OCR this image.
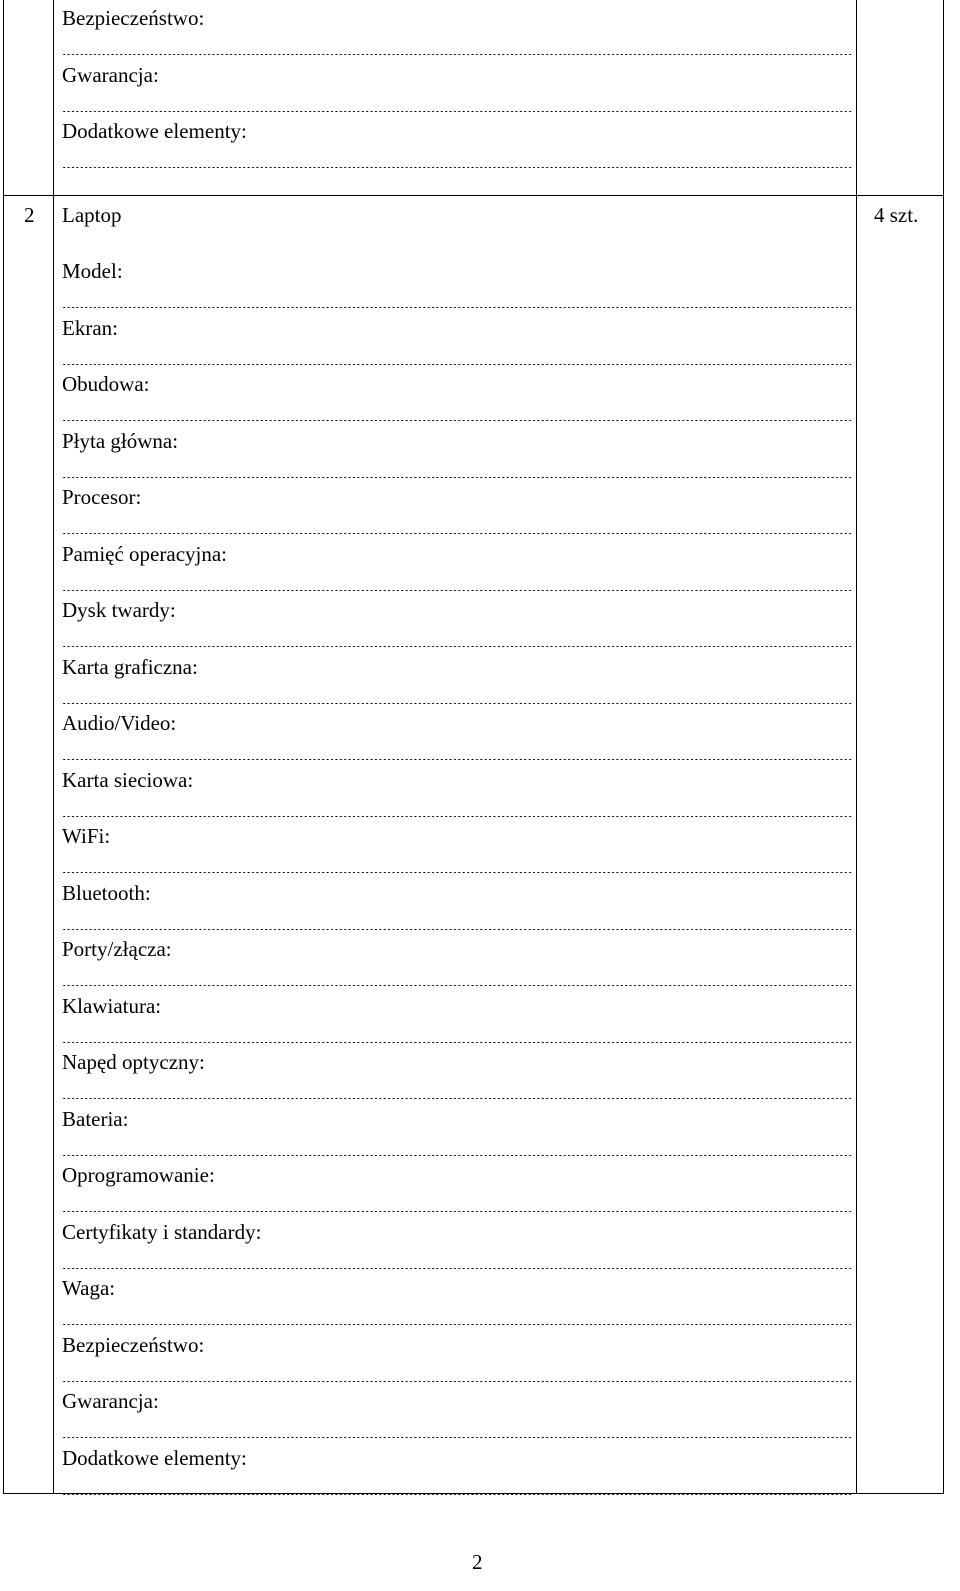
Bezpieczeństwo:
Gwarancja:
Dodatkowe elementy:
2 Laptop	4 szt.
Model:
Ekran:
Obudowa:
Płyta główna:
Procesor:
Pamięć operacyjna:
Dysk twardy:
Karta graficzna:
Audio/Video:
Karta sieciowa:
WiFi:
Bluetooth:
Porty/złącza:
Klawiatura:
Napęd optyczny:
Bateria:
Oprogramowanie:
Certyfikaty i standardy:
Waga:
Bezpieczeństwo:
Gwarancja:
Dodatkowe elementy:
2
